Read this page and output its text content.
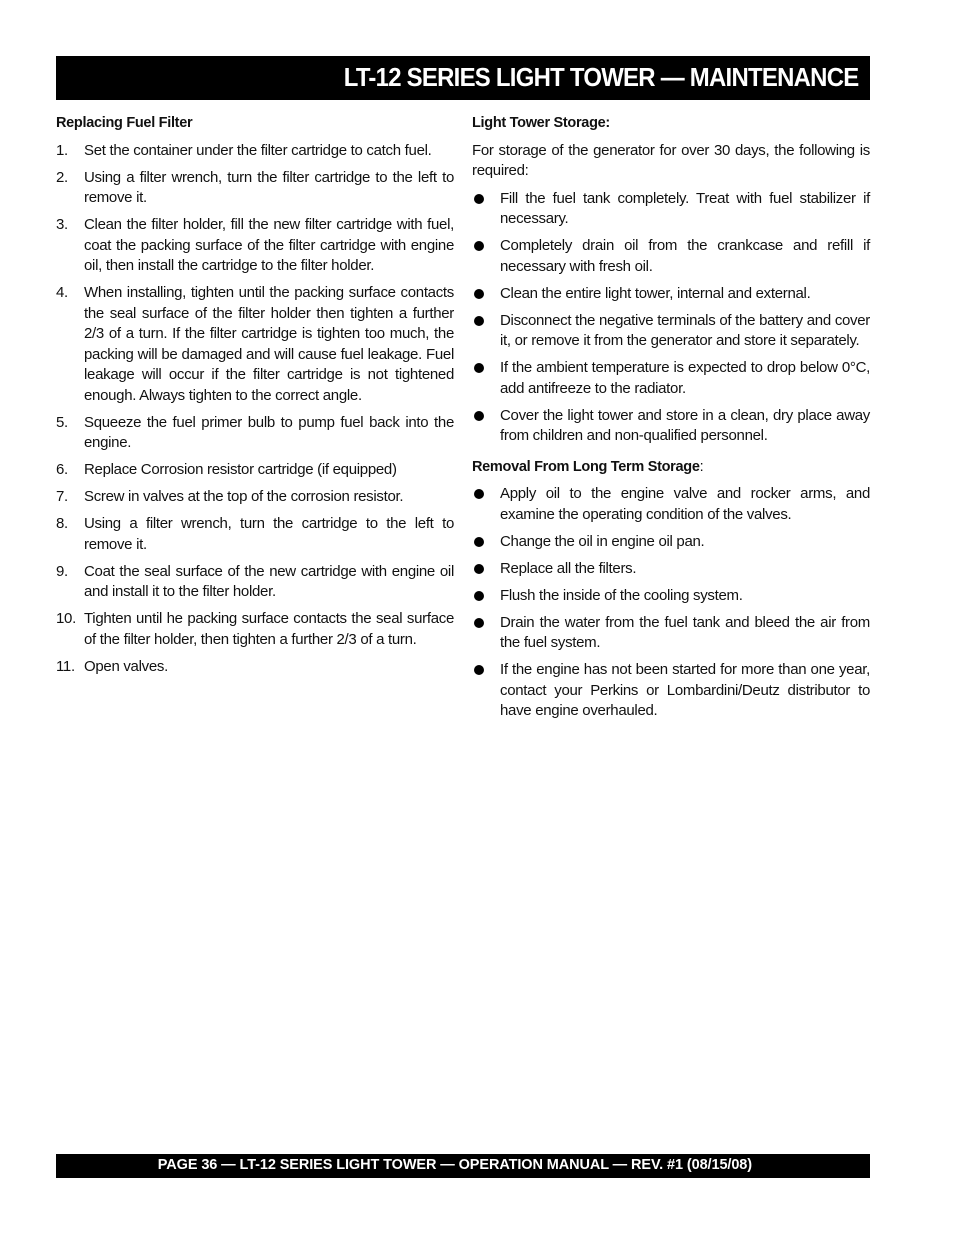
LT-12 SERIES LIGHT TOWER — MAINTENANCE
Replacing Fuel Filter
1. Set the container under the filter cartridge to catch fuel.
2. Using a filter wrench, turn the filter cartridge to the left to remove it.
3. Clean the filter holder, fill the new filter cartridge with fuel, coat the packing surface of the filter cartridge with engine oil, then install the cartridge to the filter holder.
4. When installing, tighten until the packing surface contacts the seal surface of the filter holder then tighten a further 2/3 of a turn. If the filter cartridge is tighten too much, the packing will be damaged and will cause fuel leakage. Fuel leakage will occur if the filter cartridge is not tightened enough. Always tighten to the correct angle.
5. Squeeze the fuel primer bulb to pump fuel back into the engine.
6. Replace Corrosion resistor cartridge (if equipped)
7. Screw in valves at the top of the corrosion resistor.
8. Using a filter wrench, turn the cartridge to the left to remove it.
9. Coat the seal surface of the new cartridge with engine oil and install it to the filter holder.
10. Tighten until he packing surface contacts the seal surface of the filter holder, then tighten a further 2/3 of a turn.
11. Open valves.
Light Tower Storage:

For storage of the generator for over 30 days, the following is required:

Fill the fuel tank completely. Treat with fuel stabilizer if necessary.
Completely drain oil from the crankcase and refill if necessary with fresh oil.
Clean the entire light tower, internal and external.
Disconnect the negative terminals of the battery and cover it, or remove it from the generator and store it separately.
If the ambient temperature is expected to drop below 0°C, add antifreeze to the radiator.
Cover the light tower and store in a clean, dry place away from children and non-qualified personnel.
Removal From Long Term Storage:
Apply oil to the engine valve and rocker arms, and examine the operating condition of the valves.
Change the oil in engine oil pan.
Replace all the filters.
Flush the inside of the cooling system.
Drain the water from the fuel tank and bleed the air from the fuel system.
If the engine has not been started for more than one year, contact your Perkins or Lombardini/Deutz distributor to have engine overhauled.
PAGE 36 — LT-12 SERIES LIGHT TOWER — OPERATION MANUAL — REV. #1 (08/15/08)
